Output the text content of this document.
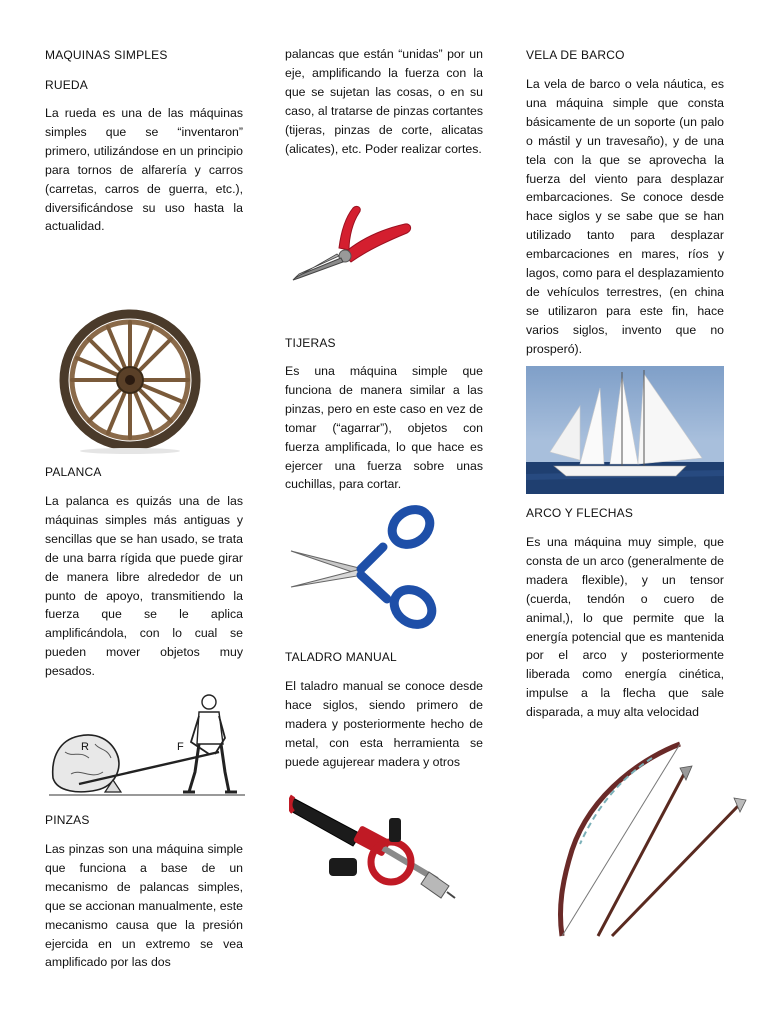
MAQUINAS SIMPLES
RUEDA

La rueda es una de las máquinas simples que se “inventaron” primero, utilizándose en un principio para tornos de alfarería y carros (carretas, carros de guerra, etc.), diversificándose su uso hasta la actualidad.

PALANCA

La palanca es quizás una de las máquinas simples más antiguas y sencillas que se han usado, se trata de una barra rígida que puede girar de manera libre alrededor de un punto de apoyo, transmitiendo la fuerza que se le aplica amplificándola, con lo cual se pueden mover objetos muy pesados.

R	F
PINZAS

Las pinzas son una máquina simple que funciona a base de un mecanismo de palancas simples, que se accionan manualmente, este mecanismo causa que la presión ejercida en un extremo se vea amplificado por las dos

palancas que están “unidas” por un eje, amplificando la fuerza con la que se sujetan las cosas, o en su caso, al tratarse de pinzas cortantes (tijeras, pinzas de corte, alicatas (alicates), etc. Poder realizar cortes.

TIJERAS

Es una máquina simple que funciona de manera similar a las pinzas, pero en este caso en vez de tomar (“agarrar”), objetos con fuerza amplificada, lo que hace es ejercer una fuerza sobre unas cuchillas, para cortar.

TALADRO MANUAL

El taladro manual se conoce desde hace siglos, siendo primero de madera y posteriormente hecho de metal, con esta herramienta se puede agujerear madera y otros

VELA DE BARCO

La vela de barco o vela náutica, es una máquina simple que consta básicamente de un soporte (un palo o mástil y un travesaño), y de una tela con la que se aprovecha la fuerza del viento para desplazar embarcaciones. Se conoce desde hace siglos y se sabe que se han utilizado tanto para desplazar embarcaciones en mares, ríos y lagos, como para el desplazamiento de vehículos terrestres, (en china se utilizaron para este fin, hace varios siglos, invento que no prosperó).

ARCO Y FLECHAS

Es una máquina muy simple, que consta de un arco (generalmente de madera flexible), y un tensor (cuerda, tendón o cuero de animal,), lo que permite que la energía potencial que es mantenida por el arco y posteriormente liberada como energía cinética, impulse a la flecha que sale disparada, a muy alta velocidad
